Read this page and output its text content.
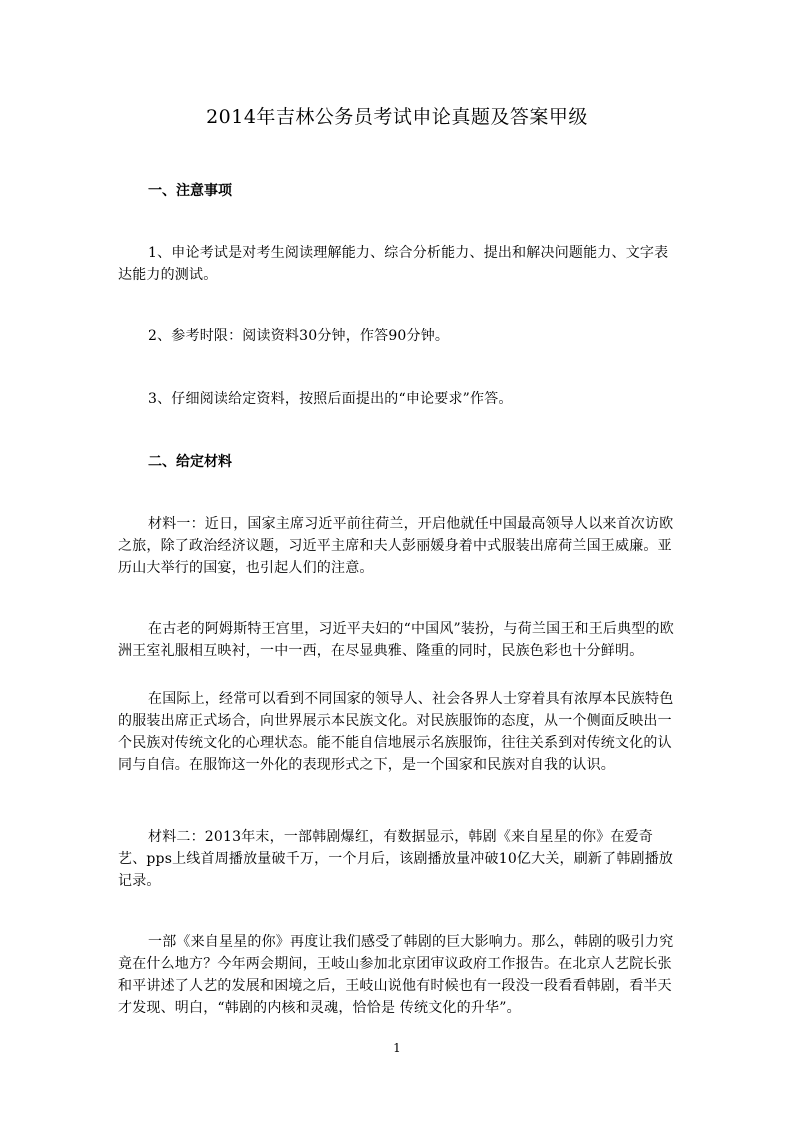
2014年吉林公务员考试申论真题及答案甲级
一、注意事项
1、申论考试是对考生阅读理解能力、综合分析能力、提出和解决问题能力、文字表达能力的测试。
2、参考时限：阅读资料30分钟，作答90分钟。
3、仔细阅读给定资料，按照后面提出的“申论要求”作答。
二、给定材料
材料一：近日，国家主席习近平前往荷兰，开启他就任中国最高领导人以来首次访欧之旅，除了政治经济议题，习近平主席和夫人彭丽媛身着中式服装出席荷兰国王威廉。亚历山大举行的国宴，也引起人们的注意。
在古老的阿姆斯特王宫里，习近平夫妇的“中国风”装扮，与荷兰国王和王后典型的欧洲王室礼服相互映衬，一中一西，在尽显典雅、隆重的同时，民族色彩也十分鲜明。
在国际上，经常可以看到不同国家的领导人、社会各界人士穿着具有浓厚本民族特色的服装出席正式场合，向世界展示本民族文化。对民族服饰的态度，从一个侧面反映出一个民族对传统文化的心理状态。能不能自信地展示名族服饰，往往关系到对传统文化的认同与自信。在服饰这一外化的表现形式之下，是一个国家和民族对自我的认识。
材料二：2013年末，一部韩剧爆红，有数据显示，韩剧《来自星星的你》在爱奇艺、pps上线首周播放量破千万，一个月后，该剧播放量冲破10亿大关，刷新了韩剧播放记录。
一部《来自星星的你》再度让我们感受了韩剧的巨大影响力。那么，韩剧的吸引力究竟在什么地方？今年两会期间，王岐山参加北京团审议政府工作报告。在北京人艺院长张和平讲述了人艺的发展和困境之后，王岐山说他有时候也有一段没一段看看韩剧，看半天才发现、明白，“韩剧的内核和灵魂，恰恰是 传统文化的升华”。
1
